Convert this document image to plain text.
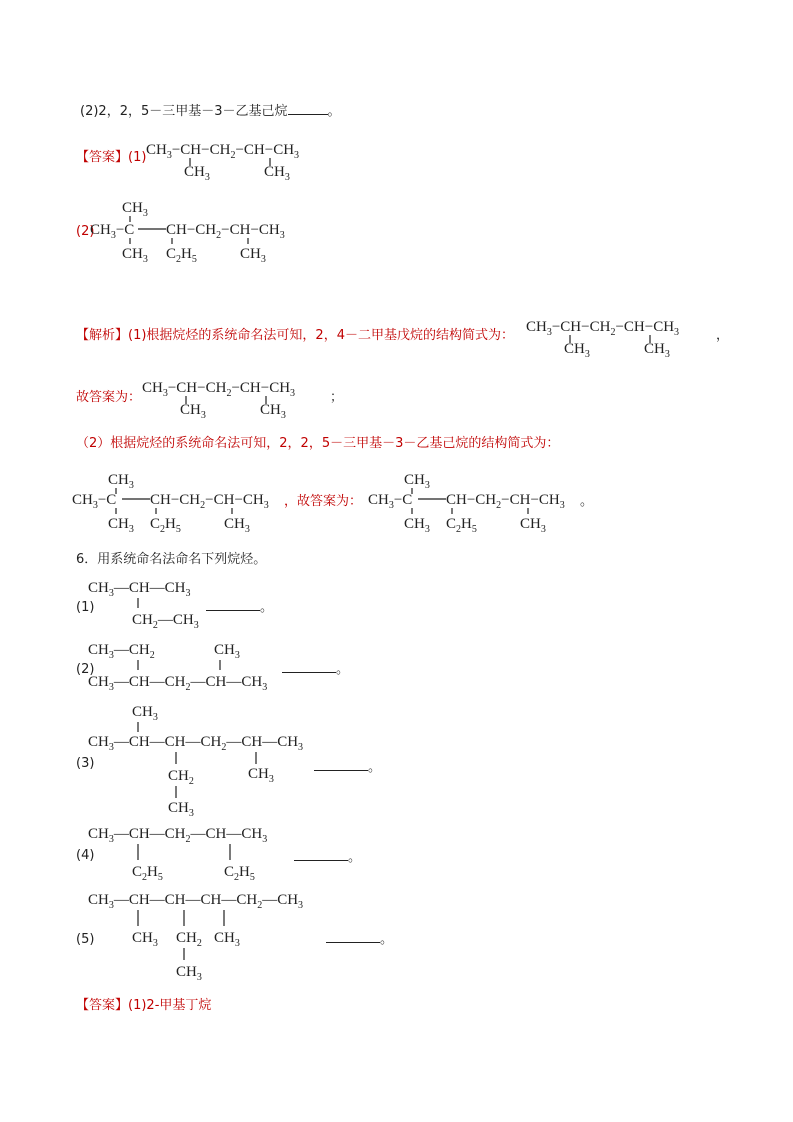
(2)2，2，5－三甲基－3－乙基己烷	。
【答案】(1) $CH_3-CH-CH_2-CH-CH_3$
$CH_3$	$CH_3$
(2)
$CH_3$
$CH_3-C$ $CH-CH_2-CH-CH_3$
$CH_3$ $C_2H_5$	$CH_3$
【解析】(1)根据烷烃的系统命名法可知，2，4－二甲基戊烷的结构简式为：
$CH_3-CH-CH_2-CH-CH_3$
$CH_3$	$CH_3$
，
故答案为：
$CH_3-CH-CH_2-CH-CH_3$
$CH_3$	$CH_3$
；
（2）根据烷烃的系统命名法可知，2，2，5－三甲基－3－乙基己烷的结构简式为：
$CH_3$
$CH_3-C$ $CH-CH_2-CH-CH_3$
$CH_3$ $C_2H_5$	$CH_3$
，故答案为：
$CH_3$
$CH_3-C$ $CH-CH_2-CH-CH_3$
$CH_3$ $C_2H_5$	$CH_3$
。
6．用系统命名法命名下列烷烃。
(1)
$CH_3—CH—CH_3$
$CH_2—CH_3$
。
(2)
$CH_3—CH_2$	$CH_3$
$CH_3—CH—CH_2—CH—CH_3$
。
(3)
$CH_3$
$CH_3—CH—CH—CH_2—CH—CH_3$
$CH_2$	$CH_3$
$CH_3$
。
(4)
$CH_3—CH—CH_2—CH—CH_3$
$C_2H_5$	$C_2H_5$
。
(5)
$CH_3—CH—CH—CH—CH_2—CH_3$
$CH_3$ $CH_2$ $CH_3$
$CH_3$
。
【答案】(1)2-甲基丁烷
